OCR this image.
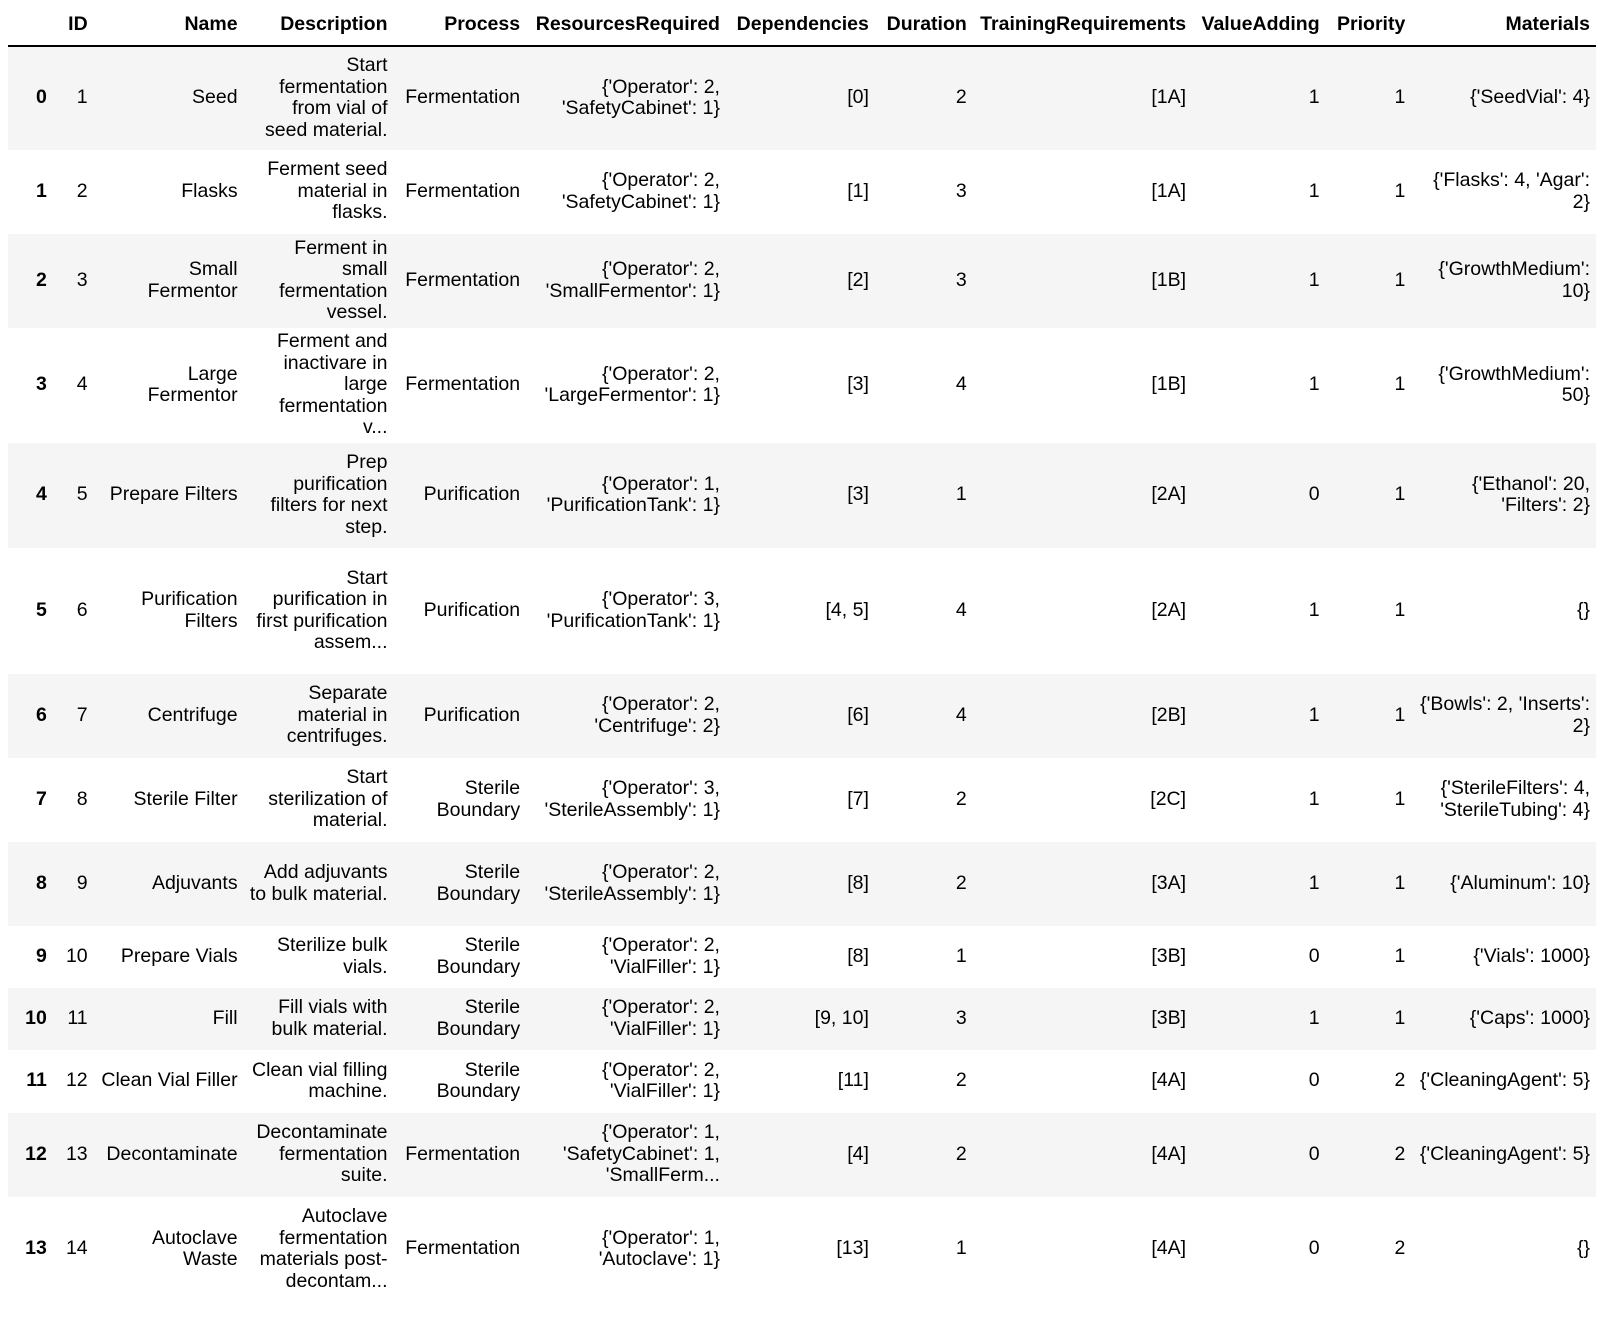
	ID	Name	Description	Process	ResourcesRequired	Dependencies	Duration	TrainingRequirements	ValueAdding	Priority	Materials
0	1	Seed	Start fermentation from vial of seed material.	Fermentation	{'Operator': 2, 'SafetyCabinet': 1}	[0]	2	[1A]	1	1	{'SeedVial': 4}
1	2	Flasks	Ferment seed material in flasks.	Fermentation	{'Operator': 2, 'SafetyCabinet': 1}	[1]	3	[1A]	1	1	{'Flasks': 4, 'Agar': 2}
2	3	Small Fermentor	Ferment in small fermentation vessel.	Fermentation	{'Operator': 2, 'SmallFermentor': 1}	[2]	3	[1B]	1	1	{'GrowthMedium': 10}
3	4	Large Fermentor	Ferment and inactivare in large fermentation v...	Fermentation	{'Operator': 2, 'LargeFermentor': 1}	[3]	4	[1B]	1	1	{'GrowthMedium': 50}
4	5	Prepare Filters	Prep purification filters for next step.	Purification	{'Operator': 1, 'PurificationTank': 1}	[3]	1	[2A]	0	1	{'Ethanol': 20, 'Filters': 2}
5	6	Purification Filters	Start purification in first purification assem...	Purification	{'Operator': 3, 'PurificationTank': 1}	[4, 5]	4	[2A]	1	1	{}
6	7	Centrifuge	Separate material in centrifuges.	Purification	{'Operator': 2, 'Centrifuge': 2}	[6]	4	[2B]	1	1	{'Bowls': 2, 'Inserts': 2}
7	8	Sterile Filter	Start sterilization of material.	Sterile Boundary	{'Operator': 3, 'SterileAssembly': 1}	[7]	2	[2C]	1	1	{'SterileFilters': 4, 'SterileTubing': 4}
8	9	Adjuvants	Add adjuvants to bulk material.	Sterile Boundary	{'Operator': 2, 'SterileAssembly': 1}	[8]	2	[3A]	1	1	{'Aluminum': 10}
9	10	Prepare Vials	Sterilize bulk vials.	Sterile Boundary	{'Operator': 2, 'VialFiller': 1}	[8]	1	[3B]	0	1	{'Vials': 1000}
10	11	Fill	Fill vials with bulk material.	Sterile Boundary	{'Operator': 2, 'VialFiller': 1}	[9, 10]	3	[3B]	1	1	{'Caps': 1000}
11	12	Clean Vial Filler	Clean vial filling machine.	Sterile Boundary	{'Operator': 2, 'VialFiller': 1}	[11]	2	[4A]	0	2	{'CleaningAgent': 5}
12	13	Decontaminate	Decontaminate fermentation suite.	Fermentation	{'Operator': 1, 'SafetyCabinet': 1, 'SmallFerm...	[4]	2	[4A]	0	2	{'CleaningAgent': 5}
13	14	Autoclave Waste	Autoclave fermentation materials post-decontam...	Fermentation	{'Operator': 1, 'Autoclave': 1}	[13]	1	[4A]	0	2	{}
